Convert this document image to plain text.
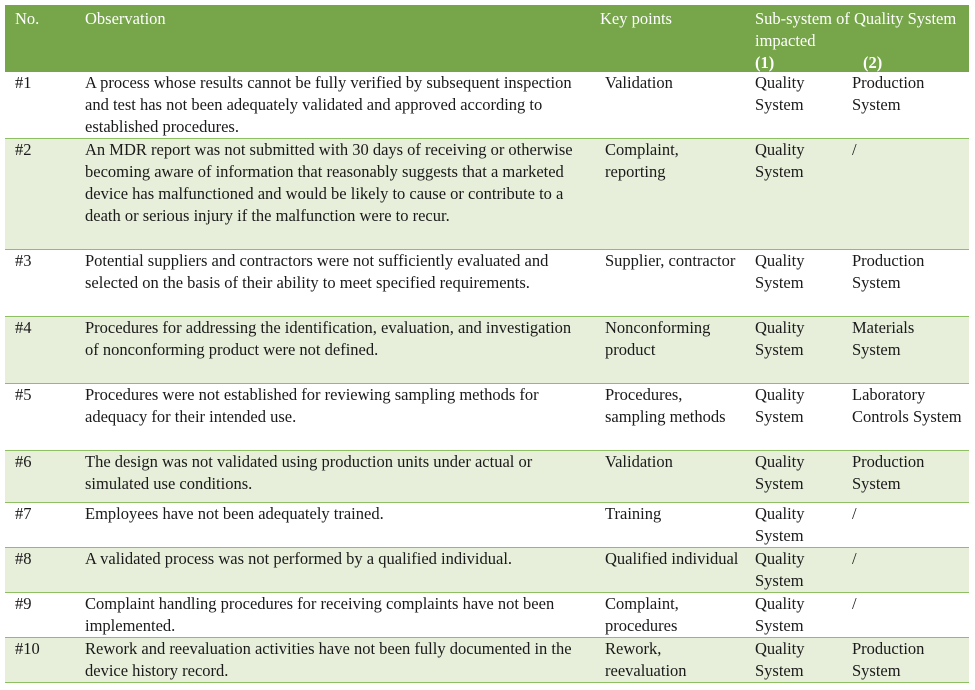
No.	Observation	Key points	Sub-system of Quality System impacted
(1) (2)	

#1	A process whose results cannot be fully verified by subsequent inspection and test has not been adequately validated and approved according to established procedures.	Validation	Quality System	Production System
#2	An MDR report was not submitted with 30 days of receiving or otherwise becoming aware of information that reasonably suggests that a marketed device has malfunctioned and would be likely to cause or contribute to a death or serious injury if the malfunction were to recur.	Complaint, reporting	Quality System	/
#3	Potential suppliers and contractors were not sufficiently evaluated and selected on the basis of their ability to meet specified requirements.	Supplier, contractor	Quality System	Production System
#4	Procedures for addressing the identification, evaluation, and investigation of nonconforming product were not defined.	Nonconforming product	Quality System	Materials System
#5	Procedures were not established for reviewing sampling methods for adequacy for their intended use.	Procedures, sampling methods	Quality System	Laboratory Controls System
#6	The design was not validated using production units under actual or simulated use conditions.	Validation	Quality System	Production System
#7	Employees have not been adequately trained.	Training	Quality System	/
#8	A validated process was not performed by a qualified individual.	Qualified individual	Quality System	/
#9	Complaint handling procedures for receiving complaints have not been implemented.	Complaint, procedures	Quality System	/
#10	Rework and reevaluation activities have not been fully documented in the device history record.	Rework, reevaluation	Quality System	Production System
